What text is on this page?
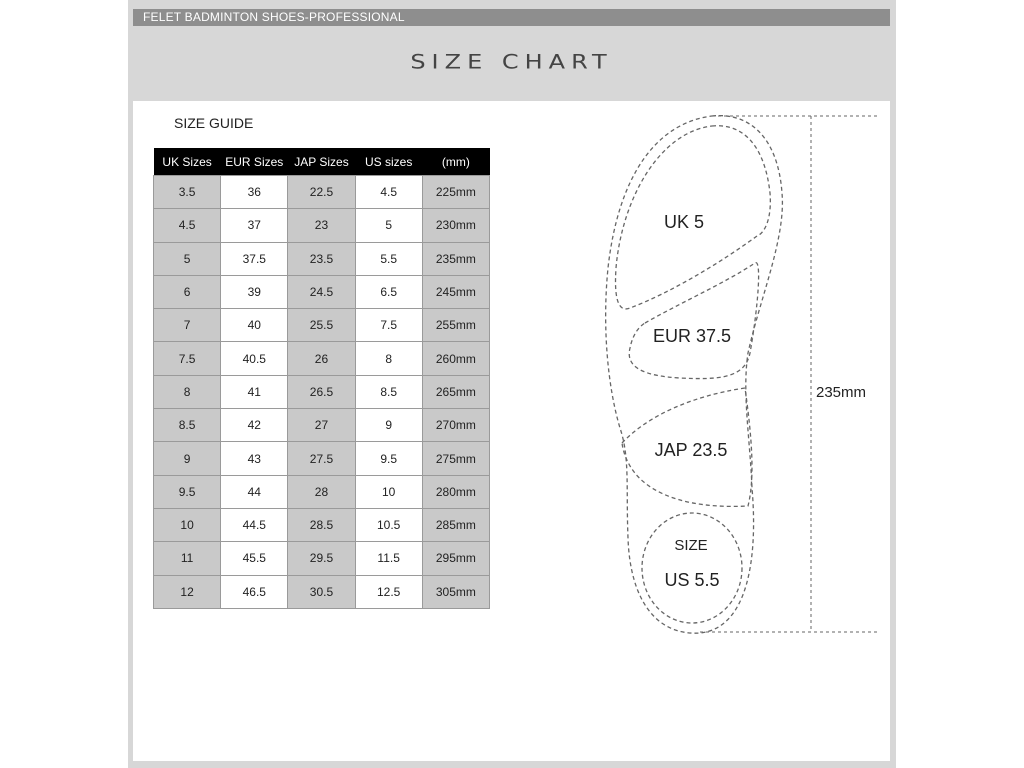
FELET BADMINTON SHOES-PROFESSIONAL
SIZE CHART
SIZE GUIDE
UK Sizes	EUR Sizes	JAP Sizes	US sizes	(mm)
3.5	36	22.5	4.5	225mm
4.5	37	23	5	230mm
5	37.5	23.5	5.5	235mm
6	39	24.5	6.5	245mm
7	40	25.5	7.5	255mm
7.5	40.5	26	8	260mm
8	41	26.5	8.5	265mm
8.5	42	27	9	270mm
9	43	27.5	9.5	275mm
9.5	44	28	10	280mm
10	44.5	28.5	10.5	285mm
11	45.5	29.5	11.5	295mm
12	46.5	30.5	12.5	305mm
UK 5
EUR 37.5
JAP 23.5
SIZE
US 5.5
235mm
